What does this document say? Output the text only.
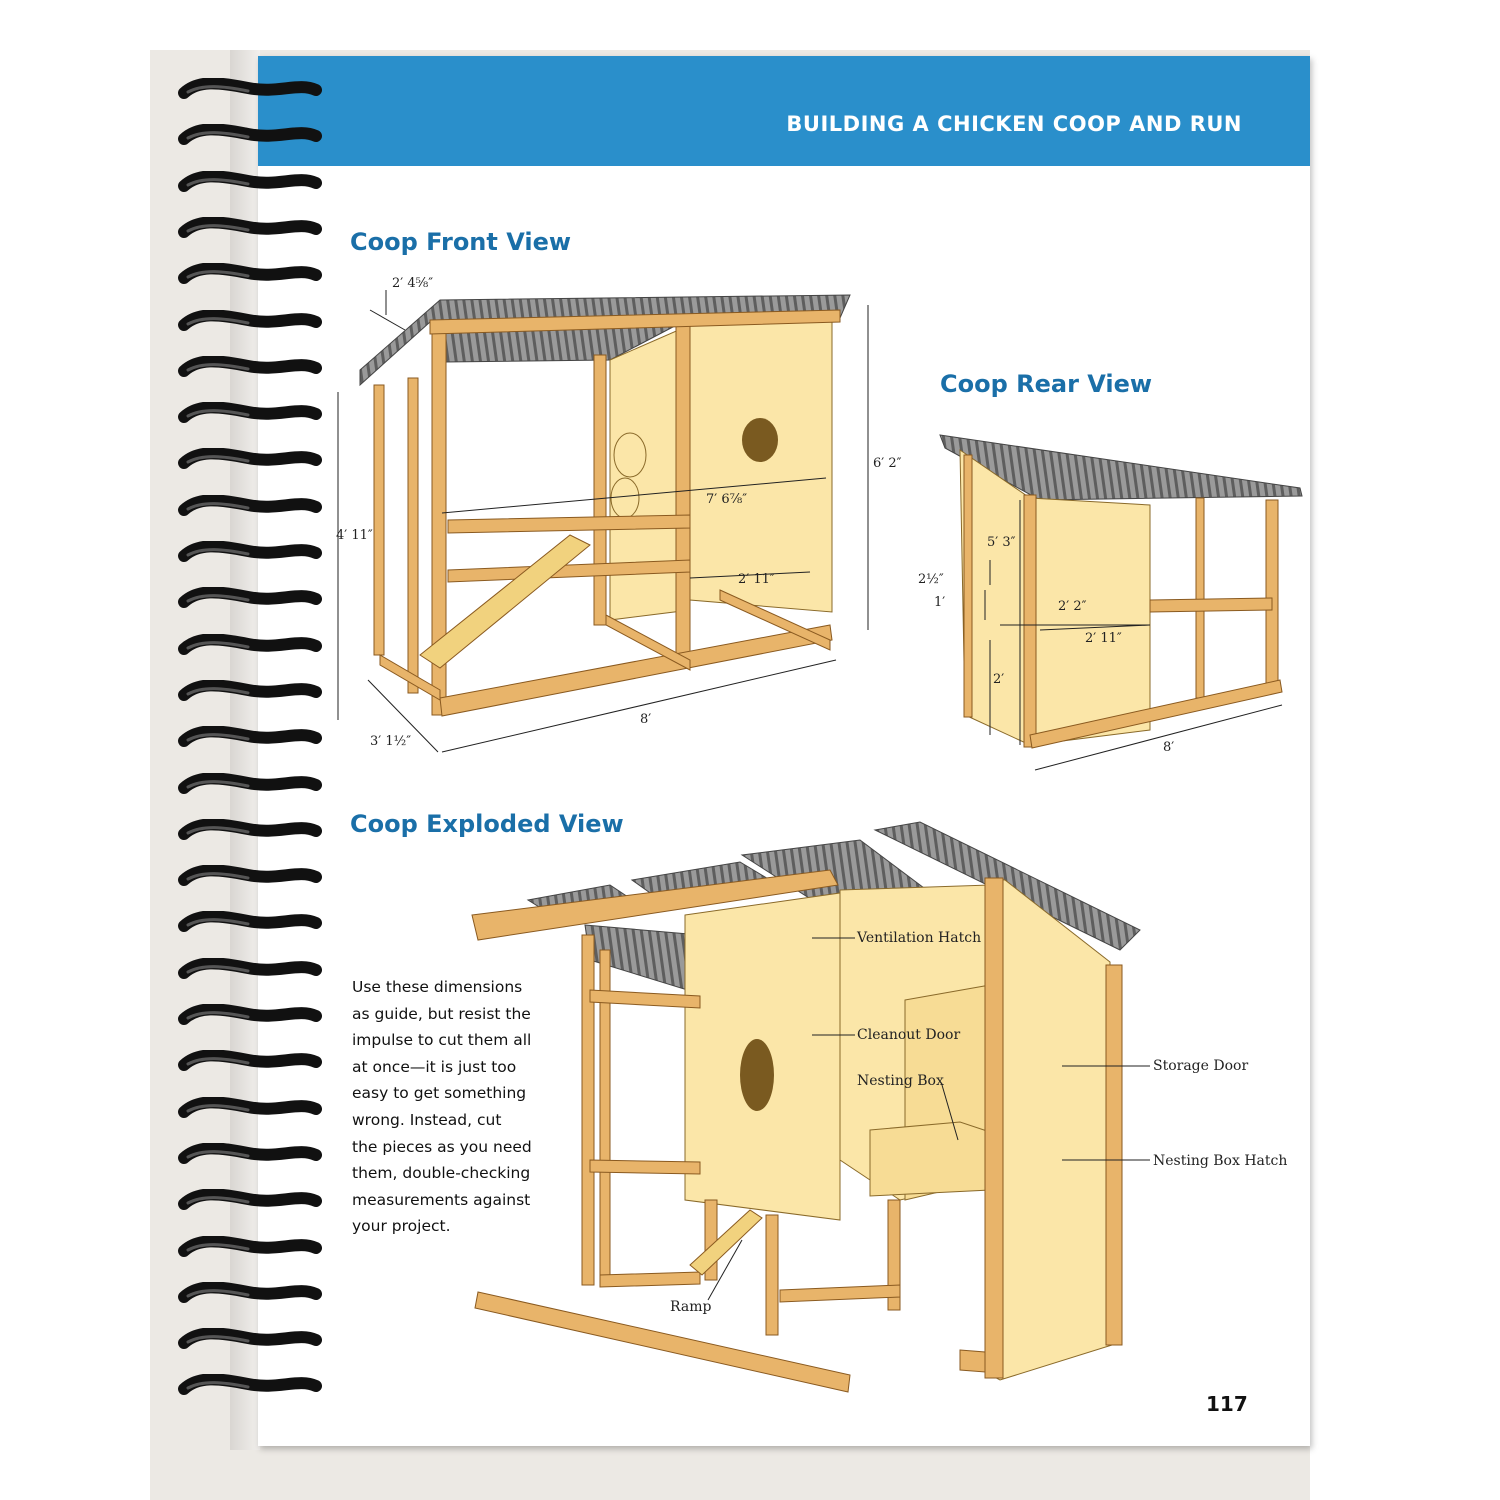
BUILDING A CHICKEN COOP AND RUN
Coop Front View
Coop Rear View
Coop Exploded View
Use these dimensions
as guide, but resist the
impulse to cut them all
at once—it is just too
easy to get something
wrong. Instead, cut
the pieces as you need
them, double-checking
measurements against
your project.
117
2′ 4⁵⁄₈″
6′ 2″
4′ 11″
7′ 6⁷⁄₈″
2′ 11″
3′ 1½″
8′
5′ 3″
2½″
1′	2′ 2″
2′ 11″
2′
8′
Ventilation Hatch
Cleanout Door
Nesting Box
Storage Door
Nesting Box Hatch
Ramp
